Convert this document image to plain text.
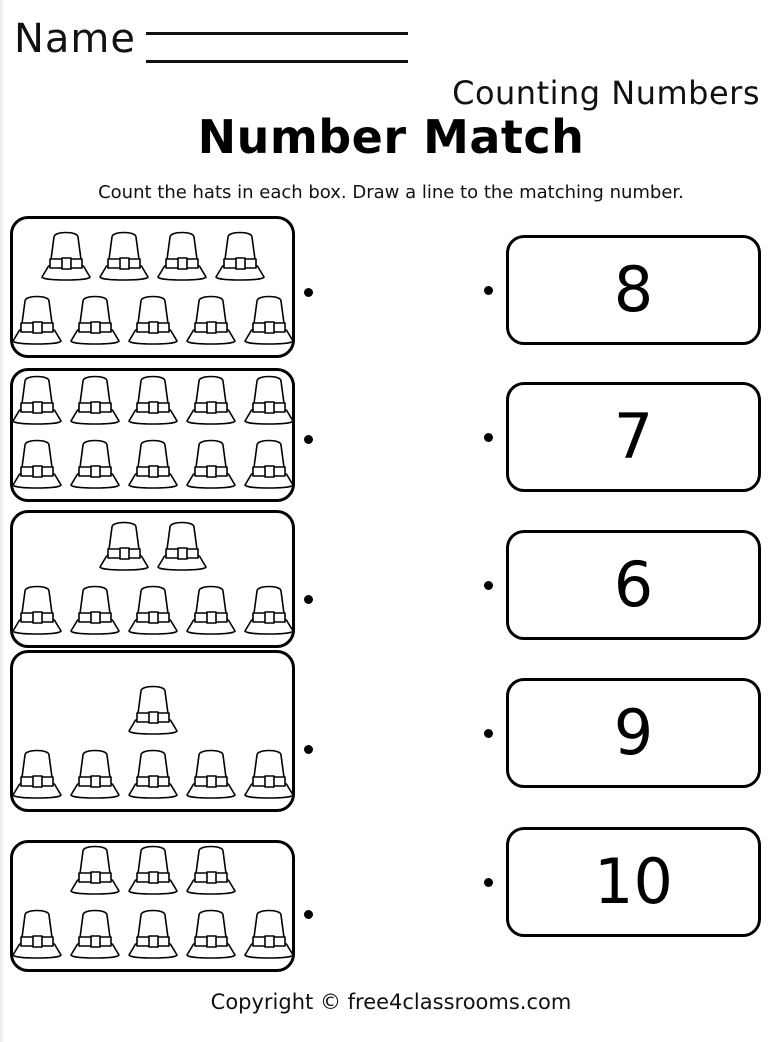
Name
Counting Numbers
Number Match
Count the hats in each box. Draw a line to the matching number.
8
7
6
9
10
Copyright © free4classrooms.com
